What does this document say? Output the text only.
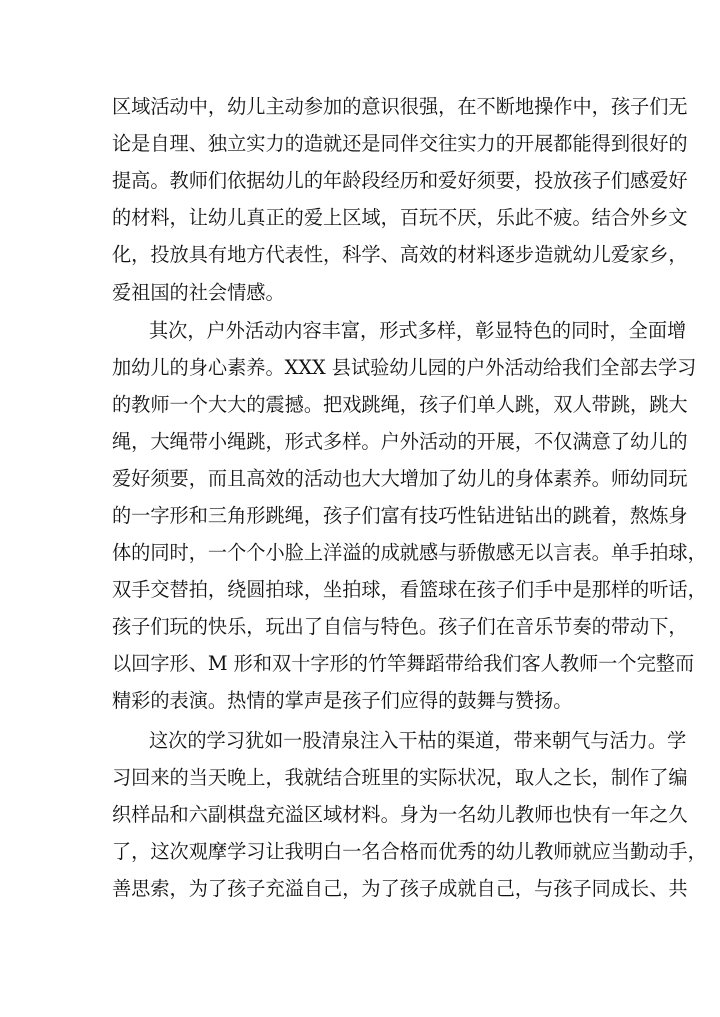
区域活动中，幼儿主动参加的意识很强，在不断地操作中，孩子们无
论是自理、独立实力的造就还是同伴交往实力的开展都能得到很好的
提高。教师们依据幼儿的年龄段经历和爱好须要，投放孩子们感爱好
的材料，让幼儿真正的爱上区域，百玩不厌，乐此不疲。结合外乡文
化，投放具有地方代表性，科学、高效的材料逐步造就幼儿爱家乡，
爱祖国的社会情感。
其次，户外活动内容丰富，形式多样，彰显特色的同时，全面增
加幼儿的身心素养。XXX 县试验幼儿园的户外活动给我们全部去学习
的教师一个大大的震撼。把戏跳绳，孩子们单人跳，双人带跳，跳大
绳，大绳带小绳跳，形式多样。户外活动的开展，不仅满意了幼儿的
爱好须要，而且高效的活动也大大增加了幼儿的身体素养。师幼同玩
的一字形和三角形跳绳，孩子们富有技巧性钻进钻出的跳着，熬炼身
体的同时，一个个小脸上洋溢的成就感与骄傲感无以言表。单手拍球，
双手交替拍，绕圆拍球，坐拍球，看篮球在孩子们手中是那样的听话，
孩子们玩的快乐，玩出了自信与特色。孩子们在音乐节奏的带动下，
以回字形、M 形和双十字形的竹竿舞蹈带给我们客人教师一个完整而
精彩的表演。热情的掌声是孩子们应得的鼓舞与赞扬。
这次的学习犹如一股清泉注入干枯的渠道，带来朝气与活力。学
习回来的当天晚上，我就结合班里的实际状况，取人之长，制作了编
织样品和六副棋盘充溢区域材料。身为一名幼儿教师也快有一年之久
了，这次观摩学习让我明白一名合格而优秀的幼儿教师就应当勤动手，
善思索，为了孩子充溢自己，为了孩子成就自己，与孩子同成长、共
